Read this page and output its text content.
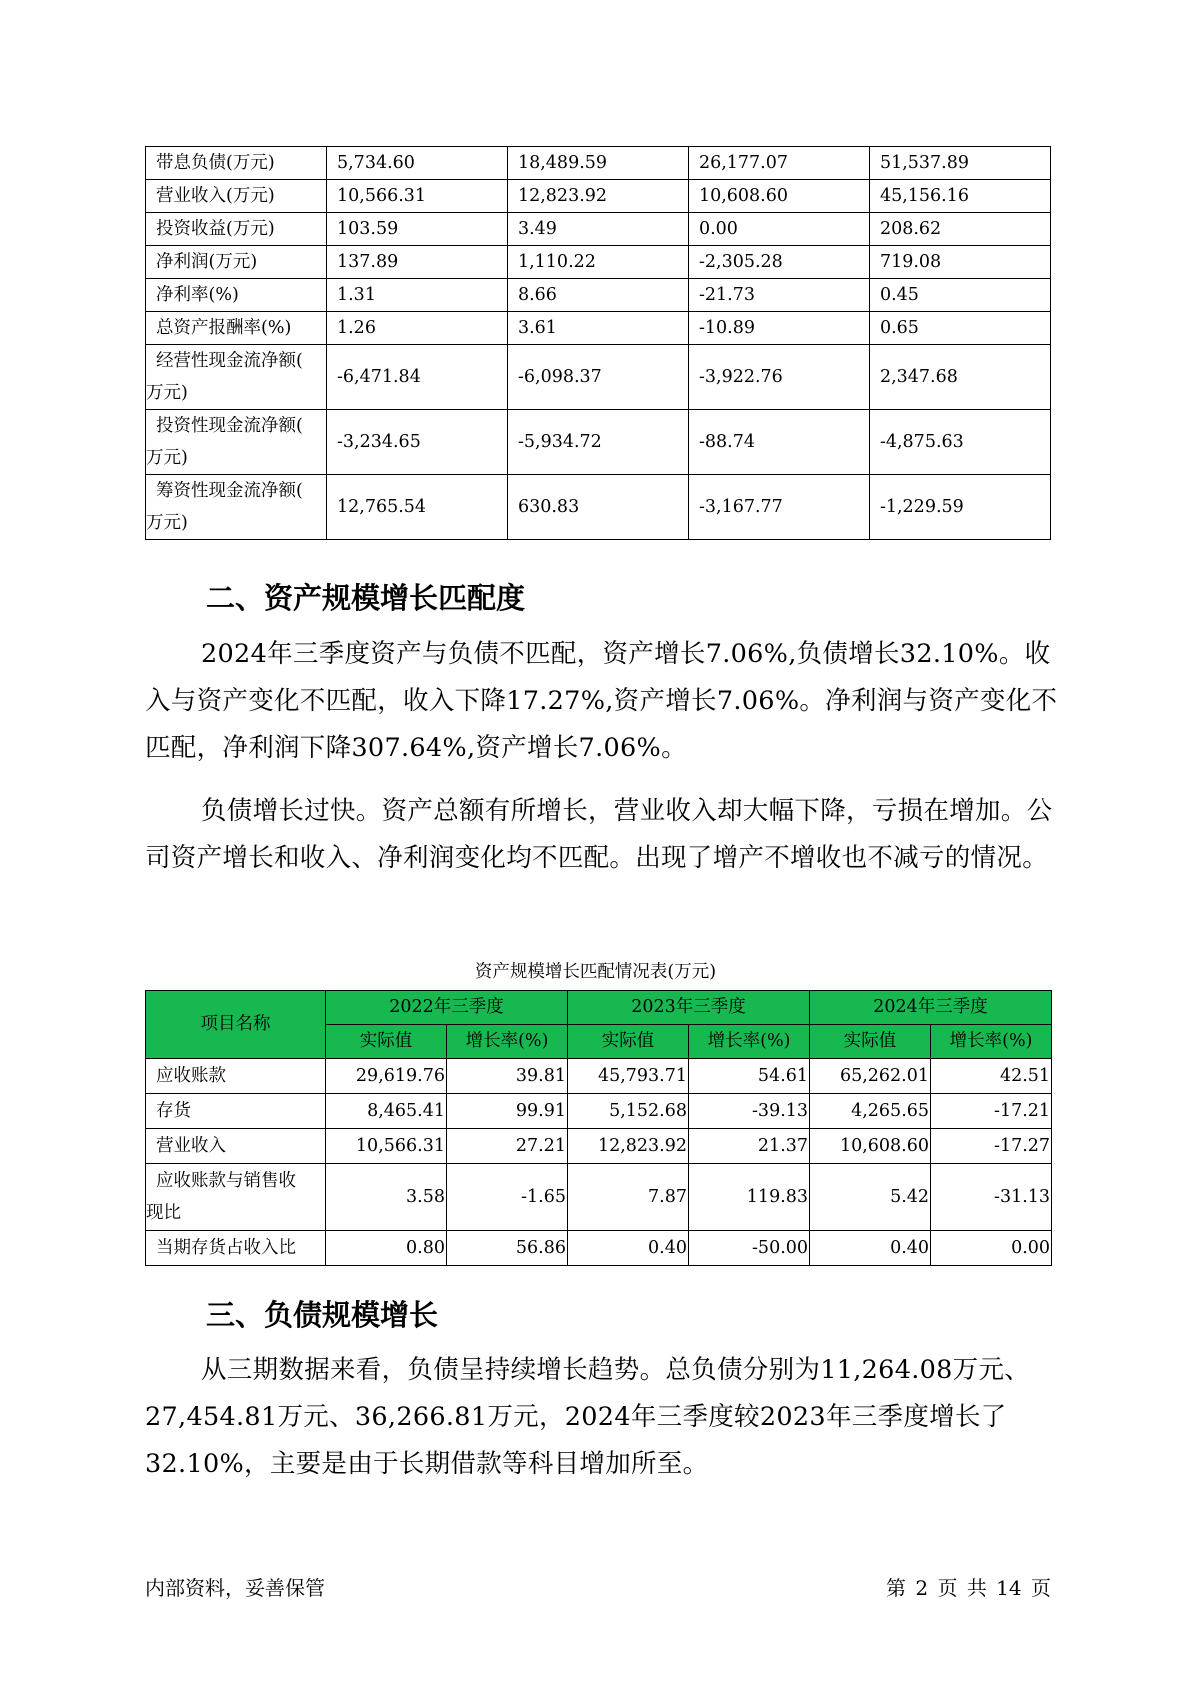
带息负债(万元)	5,734.60	18,489.59	26,177.07	51,537.89
营业收入(万元)	10,566.31	12,823.92	10,608.60	45,156.16
投资收益(万元)	103.59	3.49	0.00	208.62
净利润(万元)	137.89	1,110.22	-2,305.28	719.08
净利率(%)	1.31	8.66	-21.73	0.45
总资产报酬率(%)	1.26	3.61	-10.89	0.65

经营性现金流净额(
万元)	-6,471.84	-6,098.37	-3,922.76	2,347.68

投资性现金流净额(
万元)	-3,234.65	-5,934.72	-88.74	-4,875.63

筹资性现金流净额(
万元)	12,765.54	630.83	-3,167.77	-1,229.59
二、资产规模增长匹配度

2024年三季度资产与负债不匹配，资产增长7.06%,负债增长32.10%。收入与资产变化不匹配，收入下降17.27%,资产增长7.06%。净利润与资产变化不匹配，净利润下降307.64%,资产增长7.06%。

负债增长过快。资产总额有所增长，营业收入却大幅下降，亏损在增加。公司资产增长和收入、净利润变化均不匹配。出现了增产不增收也不减亏的情况。

资产规模增长匹配情况表(万元)
项目名称	2022年三季度		2023年三季度		2024年三季度	
	实际值	增长率(%)	实际值	增长率(%)	实际值	增长率(%)
应收账款	29,619.76	39.81	45,793.71	54.61	65,262.01	42.51
存货	8,465.41	99.91	5,152.68	-39.13	4,265.65	-17.21
营业收入	10,566.31	27.21	12,823.92	21.37	10,608.60	-17.27

应收账款与销售收
现比	3.58	-1.65	7.87	119.83	5.42	-31.13
当期存货占收入比	0.80	56.86	0.40	-50.00	0.40	0.00
三、负债规模增长

从三期数据来看，负债呈持续增长趋势。总负债分别为11,264.08万元、27,454.81万元、36,266.81万元，2024年三季度较2023年三季度增长了32.10%，主要是由于长期借款等科目增加所至。

内部资料，妥善保管	第 2 页 共 14 页
